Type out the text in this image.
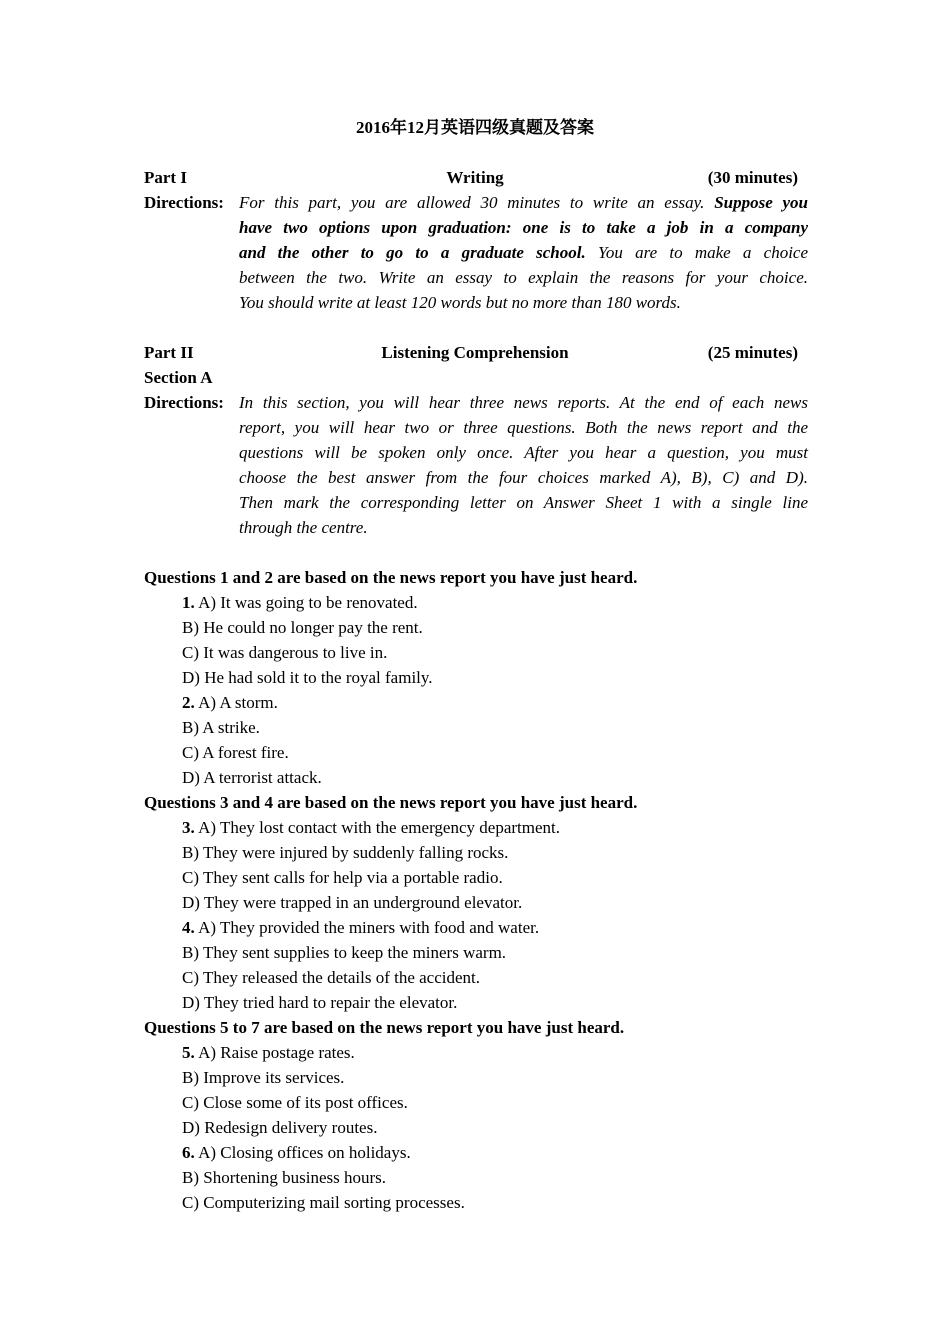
2016年12月英语四级真题及答案
Part I	Writing	(30 minutes)
Directions: For this part, you are allowed 30 minutes to write an essay. Suppose you
have two options upon graduation: one is to take a job in a company
and the other to go to a graduate school. You are to make a choice
between the two. Write an essay to explain the reasons for your choice.
You should write at least 120 words but no more than 180 words.
Part II	Listening Comprehension	(25 minutes)
Section A
Directions: In this section, you will hear three news reports. At the end of each news
report, you will hear two or three questions. Both the news report and the
questions will be spoken only once. After you hear a question, you must
choose the best answer from the four choices marked A), B), C) and D).
Then mark the corresponding letter on Answer Sheet 1 with a single line
through the centre.
Questions 1 and 2 are based on the news report you have just heard.
1. A) It was going to be renovated.
B) He could no longer pay the rent.
C) It was dangerous to live in.
D) He had sold it to the royal family.
2. A) A storm.
B) A strike.
C) A forest fire.
D) A terrorist attack.
Questions 3 and 4 are based on the news report you have just heard.
3. A) They lost contact with the emergency department.
B) They were injured by suddenly falling rocks.
C) They sent calls for help via a portable radio.
D) They were trapped in an underground elevator.
4. A) They provided the miners with food and water.
B) They sent supplies to keep the miners warm.
C) They released the details of the accident.
D) They tried hard to repair the elevator.
Questions 5 to 7 are based on the news report you have just heard.
5. A) Raise postage rates.
B) Improve its services.
C) Close some of its post offices.
D) Redesign delivery routes.
6. A) Closing offices on holidays.
B) Shortening business hours.
C) Computerizing mail sorting processes.
